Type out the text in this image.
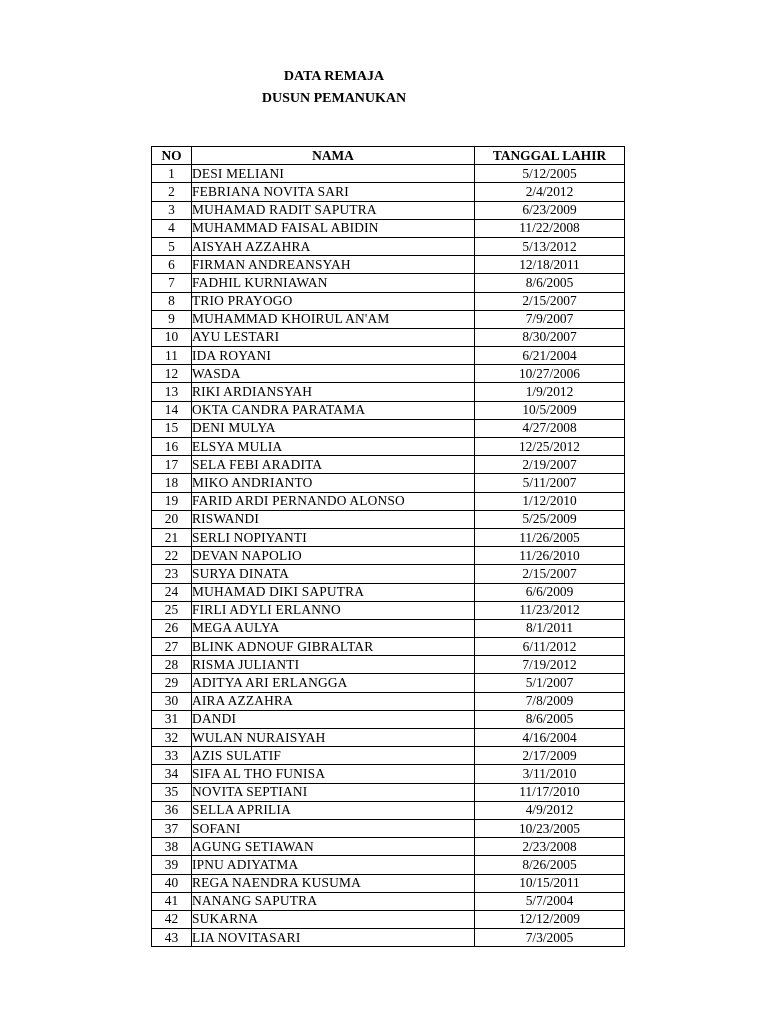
DATA REMAJA
DUSUN PEMANUKAN
NO	NAMA	TANGGAL LAHIR
1	DESI MELIANI	5/12/2005
2	FEBRIANA NOVITA SARI	2/4/2012
3	MUHAMAD RADIT SAPUTRA	6/23/2009
4	MUHAMMAD FAISAL ABIDIN	11/22/2008
5	AISYAH AZZAHRA	5/13/2012
6	FIRMAN ANDREANSYAH	12/18/2011
7	FADHIL KURNIAWAN	8/6/2005
8	TRIO PRAYOGO	2/15/2007
9	MUHAMMAD KHOIRUL AN'AM	7/9/2007
10	AYU LESTARI	8/30/2007
11	IDA ROYANI	6/21/2004
12	WASDA	10/27/2006
13	RIKI ARDIANSYAH	1/9/2012
14	OKTA CANDRA PARATAMA	10/5/2009
15	DENI MULYA	4/27/2008
16	ELSYA MULIA	12/25/2012
17	SELA FEBI ARADITA	2/19/2007
18	MIKO ANDRIANTO	5/11/2007
19	FARID ARDI PERNANDO ALONSO	1/12/2010
20	RISWANDI	5/25/2009
21	SERLI NOPIYANTI	11/26/2005
22	DEVAN NAPOLIO	11/26/2010
23	SURYA DINATA	2/15/2007
24	MUHAMAD DIKI SAPUTRA	6/6/2009
25	FIRLI ADYLI ERLANNO	11/23/2012
26	MEGA AULYA	8/1/2011
27	BLINK ADNOUF GIBRALTAR	6/11/2012
28	RISMA JULIANTI	7/19/2012
29	ADITYA ARI ERLANGGA	5/1/2007
30	AIRA AZZAHRA	7/8/2009
31	DANDI	8/6/2005
32	WULAN NURAISYAH	4/16/2004
33	AZIS SULATIF	2/17/2009
34	SIFA AL THO FUNISA	3/11/2010
35	NOVITA SEPTIANI	11/17/2010
36	SELLA APRILIA	4/9/2012
37	SOFANI	10/23/2005
38	AGUNG SETIAWAN	2/23/2008
39	IPNU ADIYATMA	8/26/2005
40	REGA NAENDRA KUSUMA	10/15/2011
41	NANANG SAPUTRA	5/7/2004
42	SUKARNA	12/12/2009
43	LIA NOVITASARI	7/3/2005
